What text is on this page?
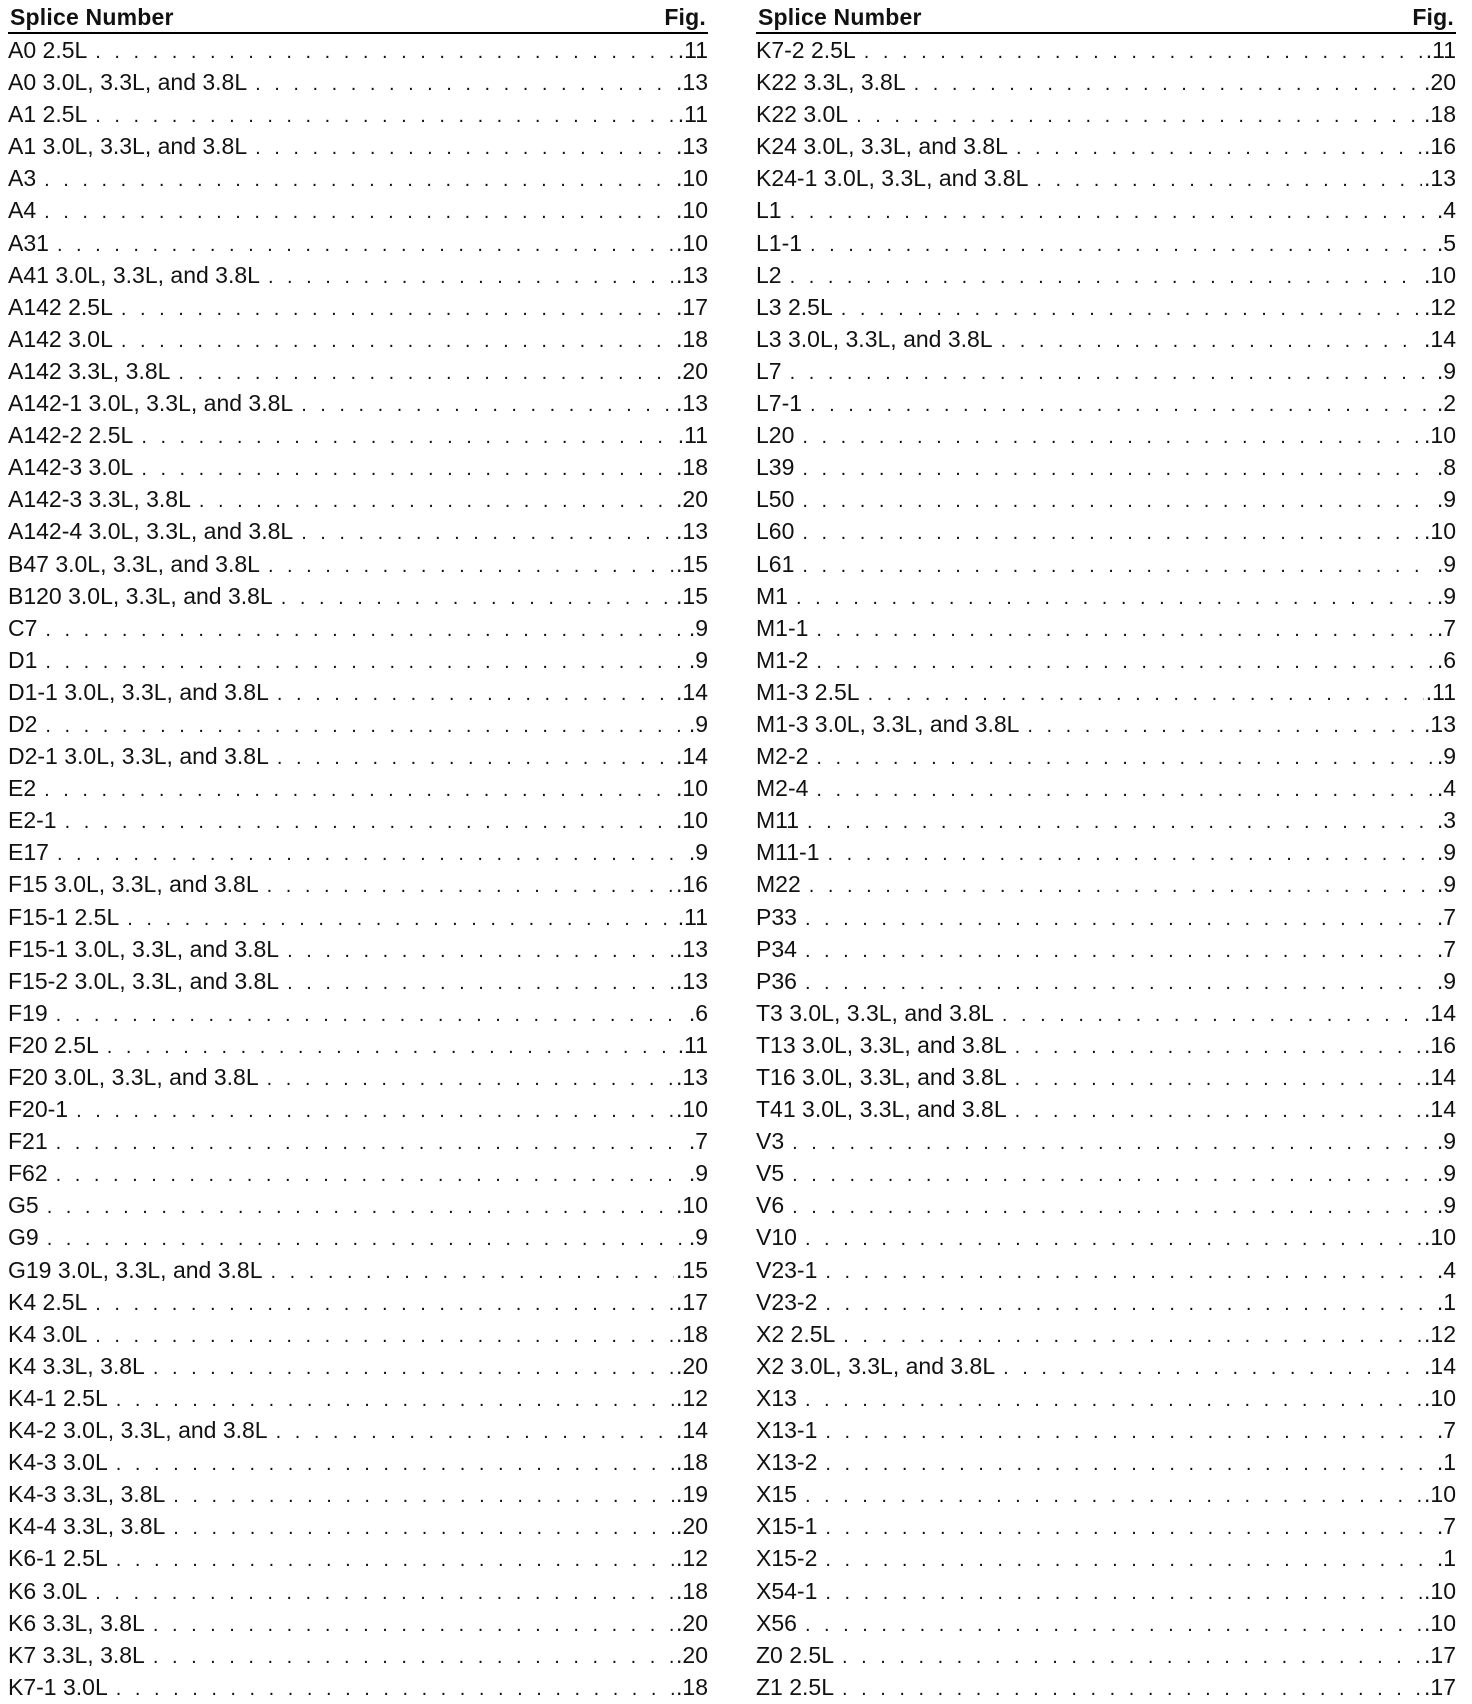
Splice Number	Fig.
A0 2.5L . . .	. 11
A0 3.0L, 3.3L, and 3.8L . . .	. 13
A1 2.5L . . .	. 11
A1 3.0L, 3.3L, and 3.8L . . .	. 13
A3 . . .	. 10
A4 . . .	. 10
A31 . . .	. 10
A41 3.0L, 3.3L, and 3.8L . . .	. 13
A142 2.5L . . .	. 17
A142 3.0L . . .	. 18
A142 3.3L, 3.8L . . .	. 20
A142-1 3.0L, 3.3L, and 3.8L . . .	. 13
A142-2 2.5L . . .	. 11
A142-3 3.0L . . .	. 18
A142-3 3.3L, 3.8L . . .	. 20
A142-4 3.0L, 3.3L, and 3.8L . . .	. 13
B47 3.0L, 3.3L, and 3.8L . . .	. 15
B120 3.0L, 3.3L, and 3.8L . . .	. 15
C7 . . .	. 9
D1 . . .	. 9
D1-1 3.0L, 3.3L, and 3.8L . . .	. 14
D2 . . .	. 9
D2-1 3.0L, 3.3L, and 3.8L . . .	. 14
E2 . . .	. 10
E2-1 . . .	. 10
E17 . . .	. 9
F15 3.0L, 3.3L, and 3.8L . . .	. 16
F15-1 2.5L . . .	. 11
F15-1 3.0L, 3.3L, and 3.8L . . .	. 13
F15-2 3.0L, 3.3L, and 3.8L . . .	. 13
F19 . . .	. 6
F20 2.5L . . .	. 11
F20 3.0L, 3.3L, and 3.8L . . .	. 13
F20-1 . . .	. 10
F21 . . .	. 7
F62 . . .	. 9
G5 . . .	. 10
G9 . . .	. 9
G19 3.0L, 3.3L, and 3.8L . . .	. 15
K4 2.5L . . .	. 17
K4 3.0L . . .	. 18
K4 3.3L, 3.8L . . .	. 20
K4-1 2.5L . . .	. 12
K4-2 3.0L, 3.3L, and 3.8L . . .	. 14
K4-3 3.0L . . .	. 18
K4-3 3.3L, 3.8L . . .	. 19
K4-4 3.3L, 3.8L . . .	. 20
K6-1 2.5L . . .	. 12
K6 3.0L . . .	. 18
K6 3.3L, 3.8L . . .	. 20
K7 3.3L, 3.8L . . .	. 20
K7-1 3.0L . . .	. 18
Splice Number	Fig.
K7-2 2.5L . . .	. 11
K22 3.3L, 3.8L . . .	. 20
K22 3.0L . . .	. 18
K24 3.0L, 3.3L, and 3.8L . . .	. 16
K24-1 3.0L, 3.3L, and 3.8L . . .	. 13
L1 . . .	. 4
L1-1 . . .	. 5
L2 . . .	. 10
L3 2.5L . . .	. 12
L3 3.0L, 3.3L, and 3.8L . . .	. 14
L7 . . .	. 9
L7-1 . . .	. 2
L20 . . .	. 10
L39 . . .	. 8
L50 . . .	. 9
L60 . . .	. 10
L61 . . .	. 9
M1 . . .	. 9
M1-1 . . .	. 7
M1-2 . . .	. 6
M1-3 2.5L . . .	. 11
M1-3 3.0L, 3.3L, and 3.8L . . .	. 13
M2-2 . . .	. 9
M2-4 . . .	. 4
M11 . . .	. 3
M11-1 . . .	. 9
M22 . . .	. 9
P33 . . .	. 7
P34 . . .	. 7
P36 . . .	. 9
T3 3.0L, 3.3L, and 3.8L . . .	. 14
T13 3.0L, 3.3L, and 3.8L . . .	. 16
T16 3.0L, 3.3L, and 3.8L . . .	. 14
T41 3.0L, 3.3L, and 3.8L . . .	. 14
V3 . . .	. 9
V5 . . .	. 9
V6 . . .	. 9
V10 . . .	. 10
V23-1 . . .	. 4
V23-2 . . .	. 1
X2 2.5L . . .	. 12
X2 3.0L, 3.3L, and 3.8L . . .	. 14
X13 . . .	. 10
X13-1 . . .	. 7
X13-2 . . .	. 1
X15 . . .	. 10
X15-1 . . .	. 7
X15-2 . . .	. 1
X54-1 . . .	. 10
X56 . . .	. 10
Z0 2.5L . . .	. 17
Z1 2.5L . . .	. 17
